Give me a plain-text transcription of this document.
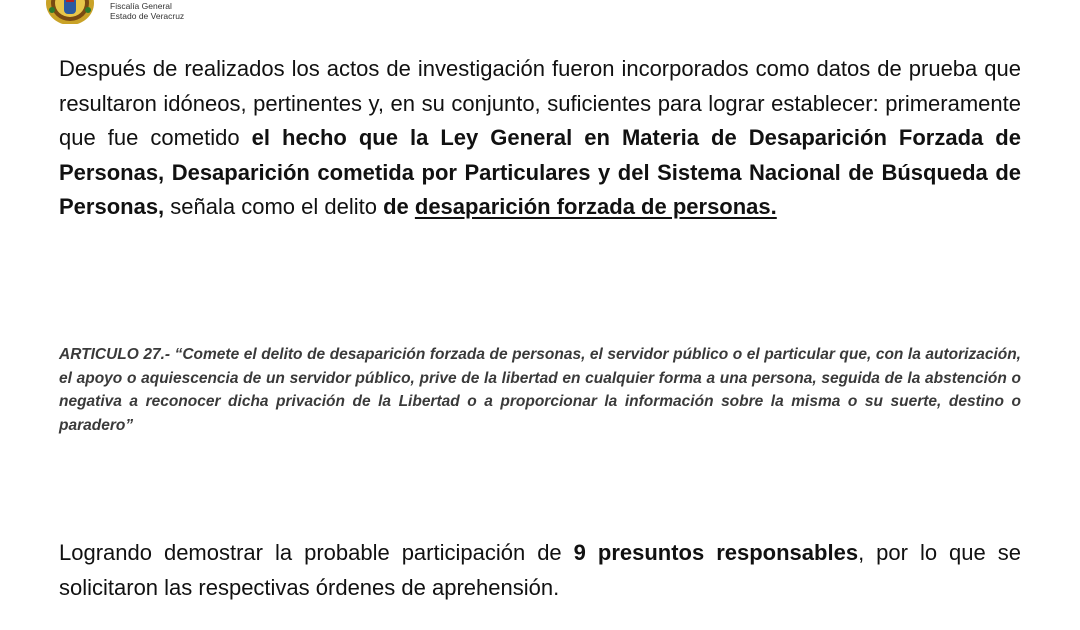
Fiscalía General
Estado de Veracruz
Después de realizados los actos de investigación fueron incorporados como datos de prueba que resultaron idóneos, pertinentes y, en su conjunto, suficientes para lograr establecer: primeramente que fue cometido el hecho que la Ley General en Materia de Desaparición Forzada de Personas, Desaparición cometida por Particulares y del Sistema Nacional de Búsqueda de Personas, señala como el delito de desaparición forzada de personas.
ARTICULO 27.- “Comete el delito de desaparición forzada de personas, el servidor público o el particular que, con la autorización, el apoyo o aquiescencia de un servidor público, prive de la libertad en cualquier forma a una persona, seguida de la abstención o negativa a reconocer dicha privación de la Libertad o a proporcionar la información sobre la misma o su suerte, destino o paradero”
Logrando demostrar la probable participación de 9 presuntos responsables, por lo que se solicitaron las respectivas órdenes de aprehensión.
